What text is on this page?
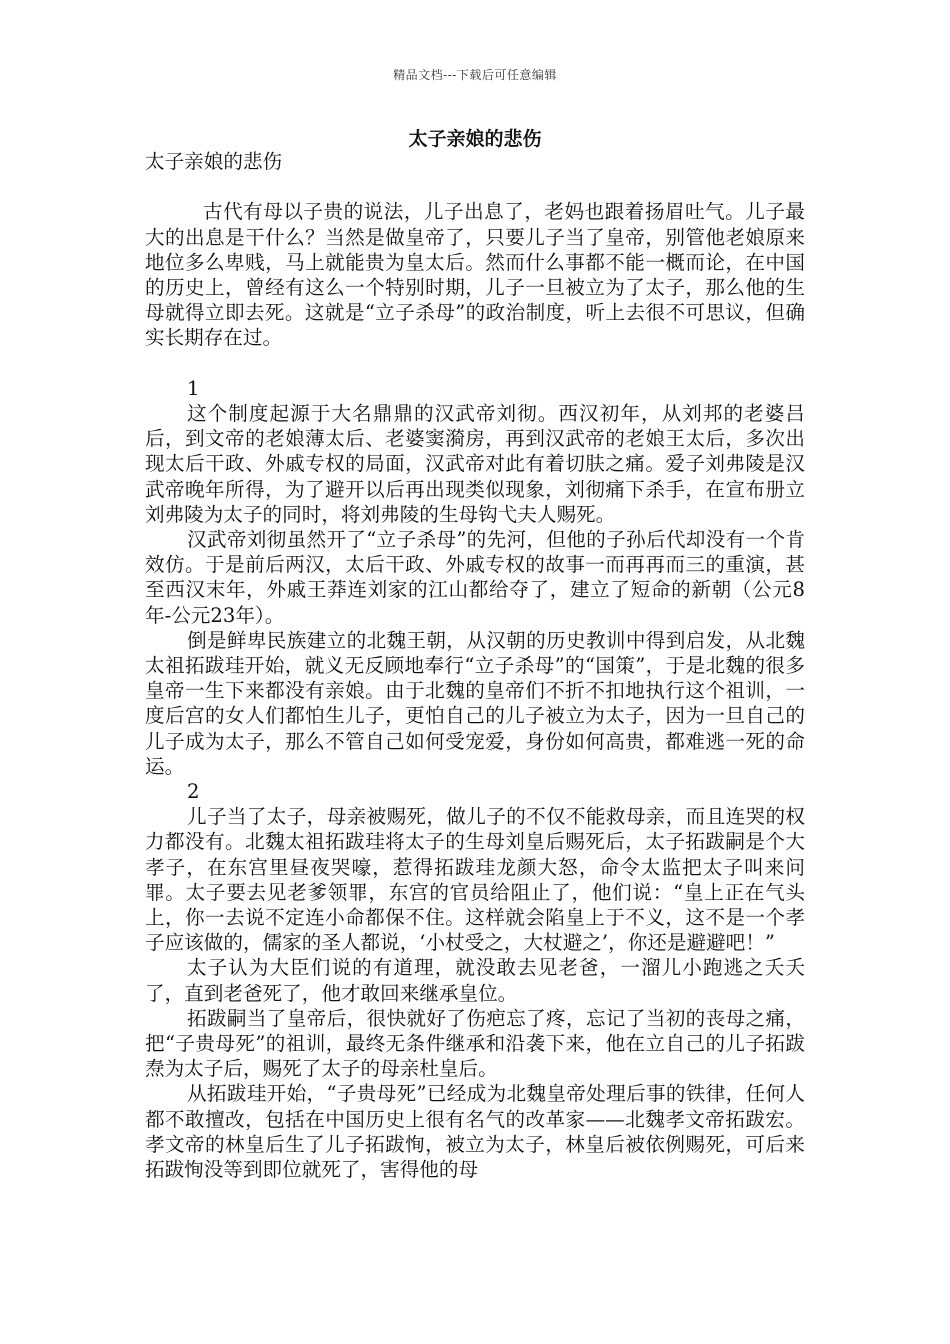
精品文档---下载后可任意编辑
太子亲娘的悲伤

太子亲娘的悲伤

古代有母以子贵的说法，儿子出息了，老妈也跟着扬眉吐气。儿子最大的出息是干什么？当然是做皇帝了，只要儿子当了皇帝，别管他老娘原来地位多么卑贱，马上就能贵为皇太后。然而什么事都不能一概而论，在中国的历史上，曾经有这么一个特别时期，儿子一旦被立为了太子，那么他的生母就得立即去死。这就是“立子杀母”的政治制度，听上去很不可思议，但确实长期存在过。

1

这个制度起源于大名鼎鼎的汉武帝刘彻。西汉初年，从刘邦的老婆吕后，到文帝的老娘薄太后、老婆窦漪房，再到汉武帝的老娘王太后，多次出现太后干政、外戚专权的局面，汉武帝对此有着切肤之痛。爱子刘弗陵是汉武帝晚年所得，为了避开以后再出现类似现象，刘彻痛下杀手，在宣布册立刘弗陵为太子的同时，将刘弗陵的生母钩弋夫人赐死。

汉武帝刘彻虽然开了“立子杀母”的先河，但他的子孙后代却没有一个肯效仿。于是前后两汉，太后干政、外戚专权的故事一而再再而三的重演，甚至西汉末年，外戚王莽连刘家的江山都给夺了，建立了短命的新朝（公元8年-公元23年）。

倒是鲜卑民族建立的北魏王朝，从汉朝的历史教训中得到启发，从北魏太祖拓跋珪开始，就义无反顾地奉行“立子杀母”的“国策”，于是北魏的很多皇帝一生下来都没有亲娘。由于北魏的皇帝们不折不扣地执行这个祖训，一度后宫的女人们都怕生儿子，更怕自己的儿子被立为太子，因为一旦自己的儿子成为太子，那么不管自己如何受宠爱，身份如何高贵，都难逃一死的命运。

2

儿子当了太子，母亲被赐死，做儿子的不仅不能救母亲，而且连哭的权力都没有。北魏太祖拓跋珪将太子的生母刘皇后赐死后，太子拓跋嗣是个大孝子，在东宫里昼夜哭嚎，惹得拓跋珪龙颜大怒，命令太监把太子叫来问罪。太子要去见老爹领罪，东宫的官员给阻止了，他们说：“皇上正在气头上，你一去说不定连小命都保不住。这样就会陷皇上于不义，这不是一个孝子应该做的，儒家的圣人都说，‘小杖受之，大杖避之’，你还是避避吧！”

太子认为大臣们说的有道理，就没敢去见老爸，一溜儿小跑逃之夭夭了，直到老爸死了，他才敢回来继承皇位。

拓跋嗣当了皇帝后，很快就好了伤疤忘了疼，忘记了当初的丧母之痛，把“子贵母死”的祖训，最终无条件继承和沿袭下来，他在立自己的儿子拓跋焘为太子后，赐死了太子的母亲杜皇后。

从拓跋珪开始，“子贵母死”已经成为北魏皇帝处理后事的铁律，任何人都不敢擅改，包括在中国历史上很有名气的改革家——北魏孝文帝拓跋宏。孝文帝的林皇后生了儿子拓跋恂，被立为太子，林皇后被依例赐死，可后来拓跋恂没等到即位就死了，害得他的母
